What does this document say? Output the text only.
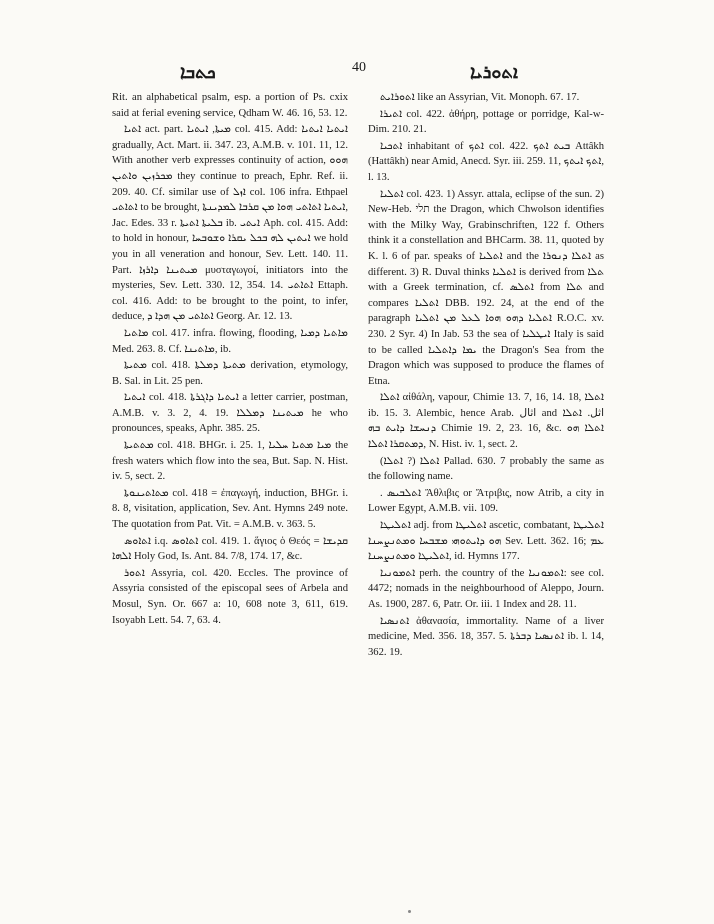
ܟܬܒܐ	40	ܐܬܘܪܝܐ

Rit. an alphabetical psalm, esp. a portion of Ps. cxix said at ferial evening service, Qdham W. 46. 16, 53. 12.

ܐܬܝܐ act. part. ܡܝܬܐ, ܐܝܬܝܐ col. 415. Add: ܐܝܬܝܐ ܐܝܬܝܐ gradually, Act. Mart. ii. 347. 23, A.M.B. v. 101. 11, 12. With another verb expresses continuity of action, ܗܘܘ ܡܟܪܙܝܢ ܘܐܬܝܢ they continue to preach, Ephr. Ref. ii. 209. 40. Cf. similar use of ܐܙܠ col. 106 infra. Ethpael ܐܬܐܬܝ to be brought, ܐܝܬܝܐ ܐܬܐܬܝ ܗܘܐ ܡܢ ܩܪܒܐ ܠܡܕܝܢܬܐ, Jac. Edes. 33 r. ܒܠܝܬܐ ܐܬܝܬܐ ib. ܐܝܬܝ Aph. col. 415. Add: to hold in honour, ܐܝܬܝܢ ܠܗ ܒܟܠ ܝܩܪܐ ܘܫܘܒܚܐ we hold you in all veneration and honour, Sev. Lett. 140. 11. Part. ܡܝܬܝܢܐ ܕܐܪܙܐ μυσταγωγοί, initiators into the mysteries, Sev. Lett. 330. 12, 354. 14. ܐܬܐܬܝ Ettaph. col. 416. Add: to be brought to the point, to infer, deduce, ܐܬܐܬܝ ܡܢ ܗܕܐ ܕ Georg. Ar. 12. 13.

ܡܐܬܝܐ col. 417. infra. flowing, flooding, ܡܐܬܝܐ ܕܡܝܐ Med. 263. 8. Cf. ܡܐܬܝܢܐ, ib.

ܡܬܝܬܐ col. 418. ܡܬܝܬܐ ܕܡܠܬܐ derivation, etymology, B. Sal. in Lit. 25 pen.

ܐܝܬܝܐ col. 418. ܐܝܬܝܐ ܕܐܓܪܬܐ a letter carrier, postman, A.M.B. v. 3. 2, 4. 19. ܡܝܬܝܢܐ ܕܡܠܠܐ he who pronounces, speaks, Aphr. 385. 25.

ܡܬܬܝܬܐ col. 418. BHGr. i. 25. 1, ܡܝܐ ܡܬܝܐ ܚܠܝܐ the fresh waters which flow into the sea, But. Sap. N. Hist. iv. 5, sect. 2.

ܡܬܐܬܝܢܘܬܐ col. 418 = ἐπαγωγή, induction, BHGr. i. 8. 8, visitation, application, Sev. Ant. Hymns 249 note. The quotation from Pat. Vit. = A.M.B. v. 363. 5.

ܐܬܐܘܣ i.q. ܐܬܐܘܣ col. 419. 1. ἅγιος ὁ Θεός = ܩܕܝܫܐ ܐܠܗܐ Holy God, Is. Ant. 84. 7/8, 174. 17, &c.

ܐܬܘܪ Assyria, col. 420. Eccles. The province of Assyria consisted of the episcopal sees of Arbela and Mosul, Syn. Or. 667 a: 10, 608 note 3, 611, 619. Isoyabh Lett. 54. 7, 63. 4.

ܐܬܘܪܐܝܬ like an Assyrian, Vit. Monoph. 67. 17.

ܐܬܝܪܐ col. 422. ἀθήρη, pottage or porridge, Kal-w-Dim. 210. 21.

ܐܬܟܝܐ inhabitant of ܐܬܟ col. 422. ܒܝܬ ܐܬܟ Attâkh (Hattâkh) near Amid, Anecd. Syr. iii. 259. 11, ܐܬܟ ܐܝܬܟ, l. 13.

ܐܬܠܝܐ col. 423. 1) Assyr. attala, eclipse of the sun. 2) New-Heb. תלי the Dragon, which Chwolson identifies with the Milky Way, Grabinschriften, 122 f. Others think it a constellation and BHCarm. 38. 11, quoted by K. l. 6 of par. speaks of ܐܬܠܝܐ and the ܐܬܠܐ ܕܢܘܪܐ as different. 3) R. Duval thinks ܐܬܠܝܐ is derived from ܬܠܐ with a Greek termination, cf. ܐܬܠܣ from ܬܠܐ and compares ܐܬܠܝܐ DBB. 192. 24, at the end of the paragraph ܐܬܠܝܐ ܕܗܘ ܗܘܐ ܠܥܠ ܡܢ ܐܬܠܝܐ R.O.C. xv. 230. 2 Syr. 4) In Jab. 53 the sea of ܐܝܛܠܝܐ Italy is said to be called ܝܡܐ ܕܐܬܠܝܐ the Dragon's Sea from the Dragon which was supposed to produce the flames of Etna.

ܐܬܠܐ αἰθάλη, vapour, Chimie 13. 7, 16, 14. 18, ܐܬܠܐ ib. 15. 3. Alembic, hence Arab. اثال and اثل. ܐܬܠܐ ܕܢܚܫܐ ܕܐܝܬ ܒܗ Chimie 19. 2, 23. 16, &c. ܐܬܠܐ ܗܘ ܕܡܬܩܪܐ ܐܬܠܐ, N. Hist. iv. 1, sect. 2.

ܐܬܠܐ (? ܐܬܠܐ) Pallad. 630. 7 probably the same as the following name.

. ܐܬܠܒܝܣ Ἄθλιβις or Ἄτριβις, now Atrib, a city in Lower Egypt, A.M.B. vii. 109.

ܐܬܠܝܛܐ adj. from ܐܬܠܝܛܐ ascetic, combatant, ܐܬܠܝܛܐ ܗܘ ܕܐܝܬܘܗܝ ܡܫܒܚܐ ܘܡܬܢܨܚܢܐ Sev. Lett. 362. 16; ܥܡ ܐܬܠܝܛܐ ܘܡܬܢܨܚܢܐ, id. Hymns 177.

ܐܬܡܘܢܝܐ perh. the country of the ܐܬܡܘܢܝܐ: see col. 4472; nomads in the neighbourhood of Aleppo, Journ. As. 1900, 287. 6, Patr. Or. iii. 1 Index and 28. 11.

ܐܬܢܣܝܐ ἀθανασία, immortality. Name of a liver medicine, Med. 356. 18, 357. 5. ܐܬܢܣܝܐ ܕܒܪܬܐ ib. l. 14, 362. 19.
